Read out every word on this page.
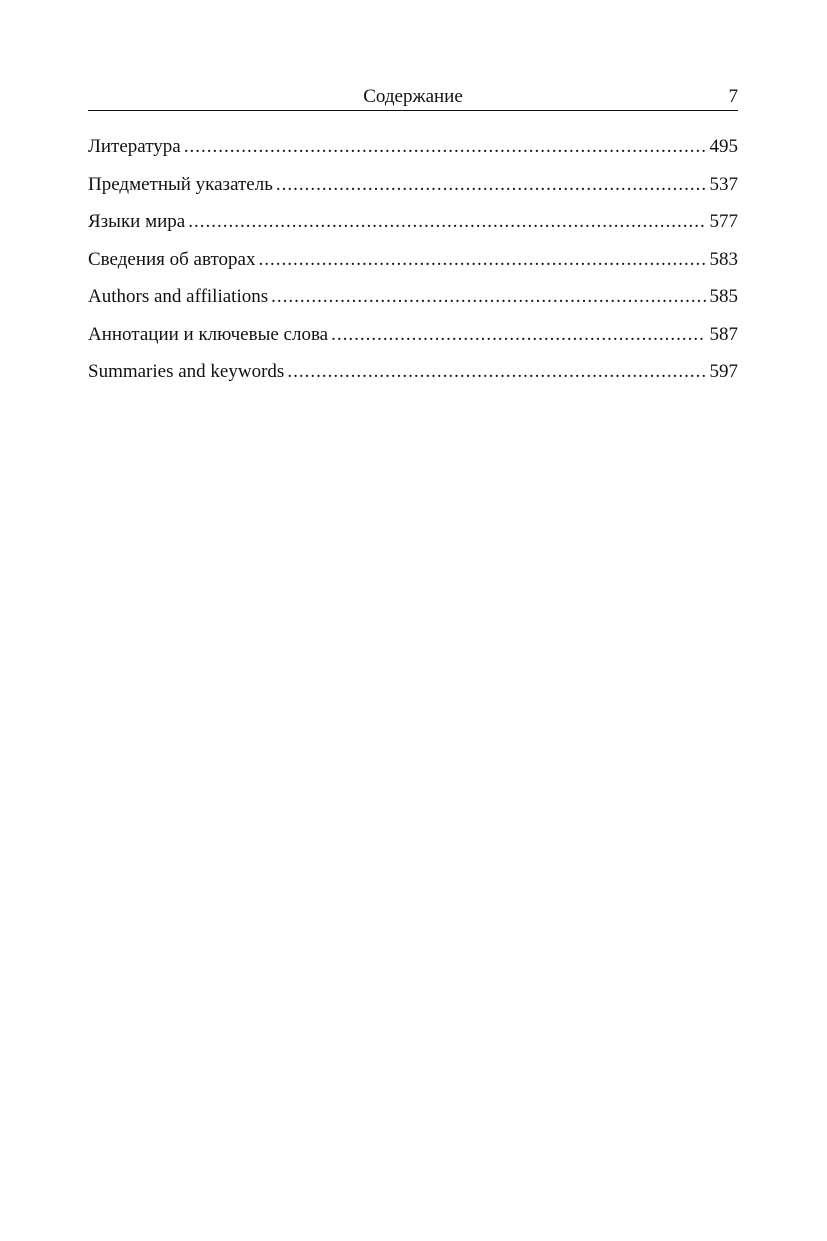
Содержание	7
Литература .....	495
Предметный указатель .....	537
Языки мира .....	577
Сведения об авторах .....	583
Authors and affiliations .....	585
Аннотации и ключевые слова .....	587
Summaries and keywords .....	597
